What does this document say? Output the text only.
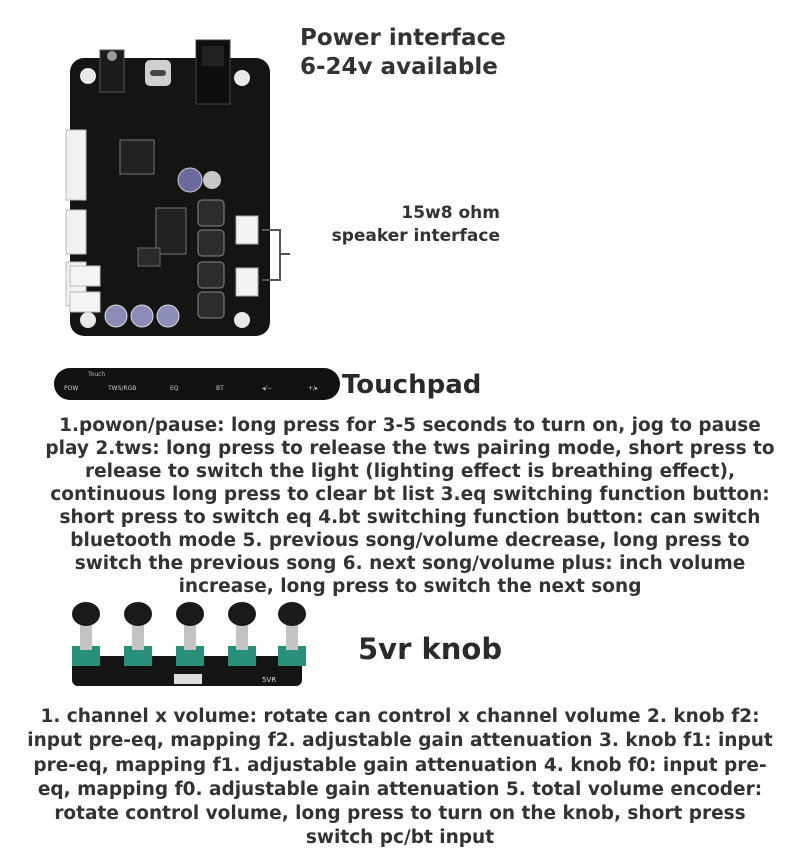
Power interface
6-24v available
15w8 ohm
speaker interface
Touch
POW	TWS/RGB	EQ	BT	◂/−	+/▸ Touchpad
1.powon/pause: long press for 3-5 seconds to turn on, jog to pause play 2.tws: long press to release the tws pairing mode, short press to release to switch the light (lighting effect is breathing effect), continuous long press to clear bt list 3.eq switching function button: short press to switch eq 4.bt switching function button: can switch bluetooth mode 5. previous song/volume decrease, long press to switch the previous song 6. next song/volume plus: inch volume increase, long press to switch the next song
5VR
5vr knob
1. channel x volume: rotate can control x channel volume 2. knob f2: input pre-eq, mapping f2. adjustable gain attenuation 3. knob f1: input pre-eq, mapping f1. adjustable gain attenuation 4. knob f0: input pre-eq, mapping f0. adjustable gain attenuation 5. total volume encoder: rotate control volume, long press to turn on the knob, short press switch pc/bt input
